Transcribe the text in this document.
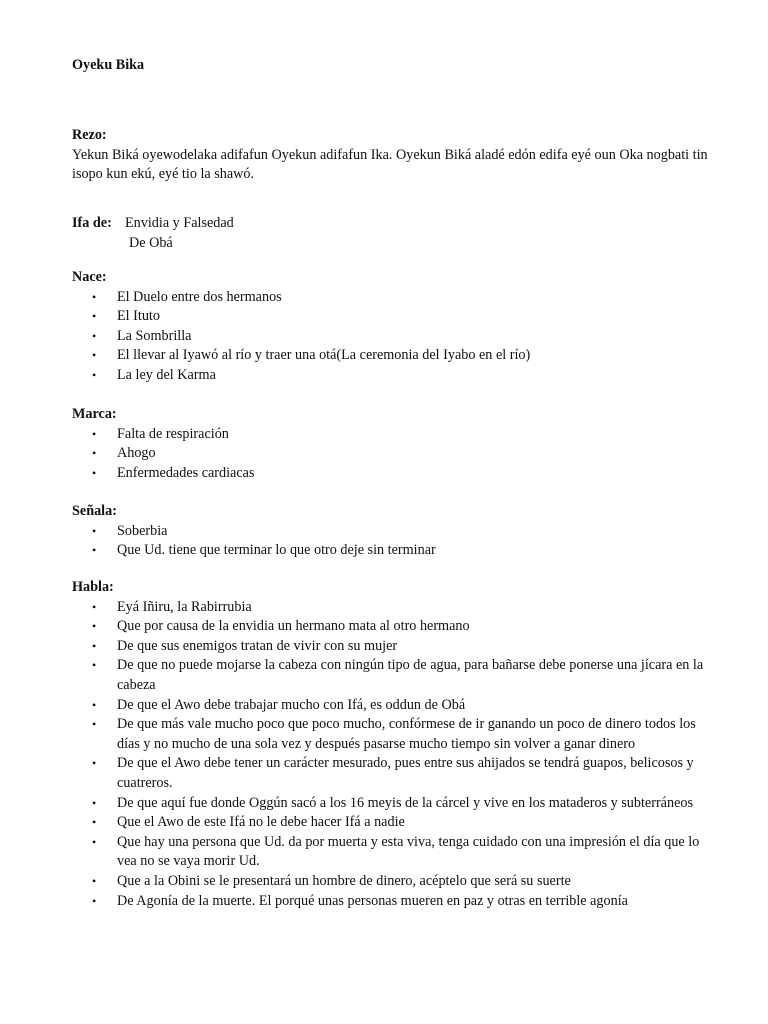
Oyeku Bika

Rezo:

Yekun Biká oyewodelaka adifafun Oyekun adifafun Ika. Oyekun Biká aladé edón edifa eyé oun Oka nogbati tin isopo kun ekú, eyé tio la shawó.

Ifa de: Envidia y Falsedad
De Obá

Nace:

• El Duelo entre dos hermanos
• El Ituto
• La Sombrilla
• El llevar al Iyawó al río y traer una otá(La ceremonia del Iyabo en el río)
• La ley del Karma

Marca:

• Falta de respiración
• Ahogo
• Enfermedades cardiacas

Señala:

• Soberbia
• Que Ud. tiene que terminar lo que otro deje sin terminar

Habla:

• Eyá Iñiru, la Rabirrubia
• Que por causa de la envidia un hermano mata al otro hermano
• De que sus enemigos tratan de vivir con su mujer
• De que no puede mojarse la cabeza con ningún tipo de agua, para bañarse debe ponerse una jícara en la cabeza
• De que el Awo debe trabajar mucho con Ifá, es oddun de Obá
• De que más vale mucho poco que poco mucho, confórmese de ir ganando un poco de dinero todos los días y no mucho de una sola vez y después pasarse mucho tiempo sin volver a ganar dinero
• De que el Awo debe tener un carácter mesurado, pues entre sus ahijados se tendrá guapos, belicosos y cuatreros.
• De que aquí fue donde Oggún sacó a los 16 meyis de la cárcel y vive en los mataderos y subterráneos
• Que el Awo de este Ifá no le debe hacer Ifá a nadie
• Que hay una persona que Ud. da por muerta y esta viva, tenga cuidado con una impresión el día que lo vea no se vaya morir Ud.
• Que a la Obini se le presentará un hombre de dinero, acéptelo que será su suerte
• De Agonía de la muerte. El porqué unas personas mueren en paz y otras en terrible agonía
